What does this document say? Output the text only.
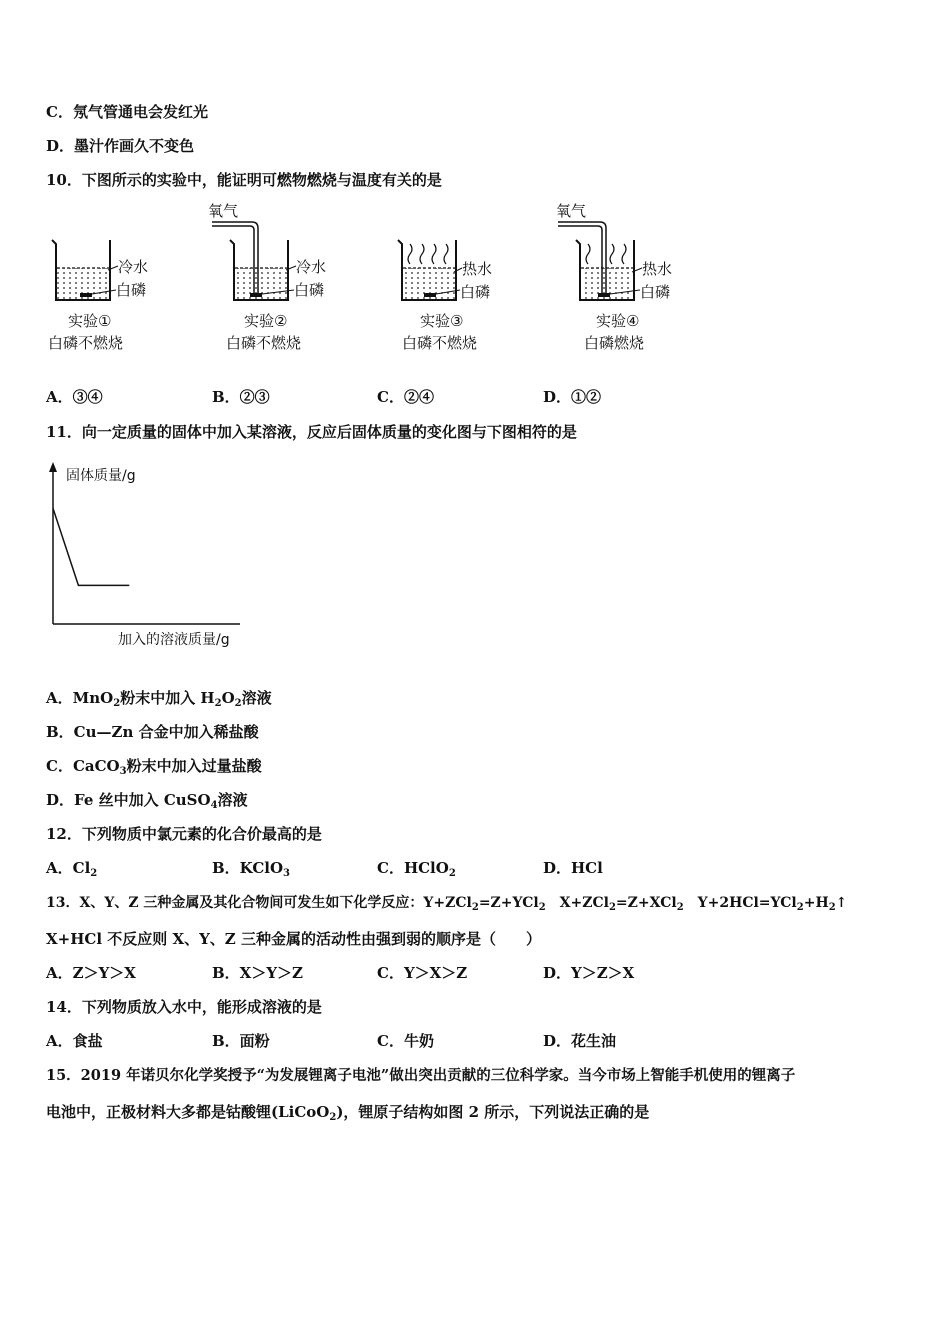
C．氖气管通电会发红光
D．墨汁作画久不变色
10．下图所示的实验中，能证明可燃物燃烧与温度有关的是
冷水
白磷
实验①
白磷不燃烧
氧气
冷水
白磷
实验②
白磷不燃烧
热水
白磷
实验③
白磷不燃烧
氧气
热水
白磷
实验④
白磷燃烧
A．③④	B．②③	C．②④	D．①②
11．向一定质量的固体中加入某溶液，反应后固体质量的变化图与下图相符的是
固体质量/g
加入的溶液质量/g
A．MnO$_2$粉末中加入 $H_2O_2$溶液
B．Cu—Zn 合金中加入稀盐酸
C．CaCO$_3$粉末中加入过量盐酸
D．Fe 丝中加入 CuSO$_4$溶液
12．下列物质中氯元素的化合价最高的是
A．$Cl_2$	B．KClO$_3$	C．HClO$_2$	D．HCl
13．X、Y、Z 三种金属及其化合物间可发生如下化学反应：Y+ZCl$_2$=Z+YCl$_2$　X+ZCl$_2$=Z+XCl$_2$　$Y+2HCl=YCl_2+H_2↑$
X+HCl 不反应则 X、Y、Z 三种金属的活动性由强到弱的顺序是（　　）
A．Z＞Y＞X	B．X＞Y＞Z	C．Y＞X＞Z	D．Y＞Z＞X
14．下列物质放入水中，能形成溶液的是
A．食盐	B．面粉	C．牛奶	D．花生油
15．2019 年诺贝尔化学奖授予“为发展锂离子电池”做出突出贡献的三位科学家。当今市场上智能手机使用的锂离子
电池中，正极材料大多都是钴酸锂(LiCoO$_2$)，锂原子结构如图 2 所示，下列说法正确的是
